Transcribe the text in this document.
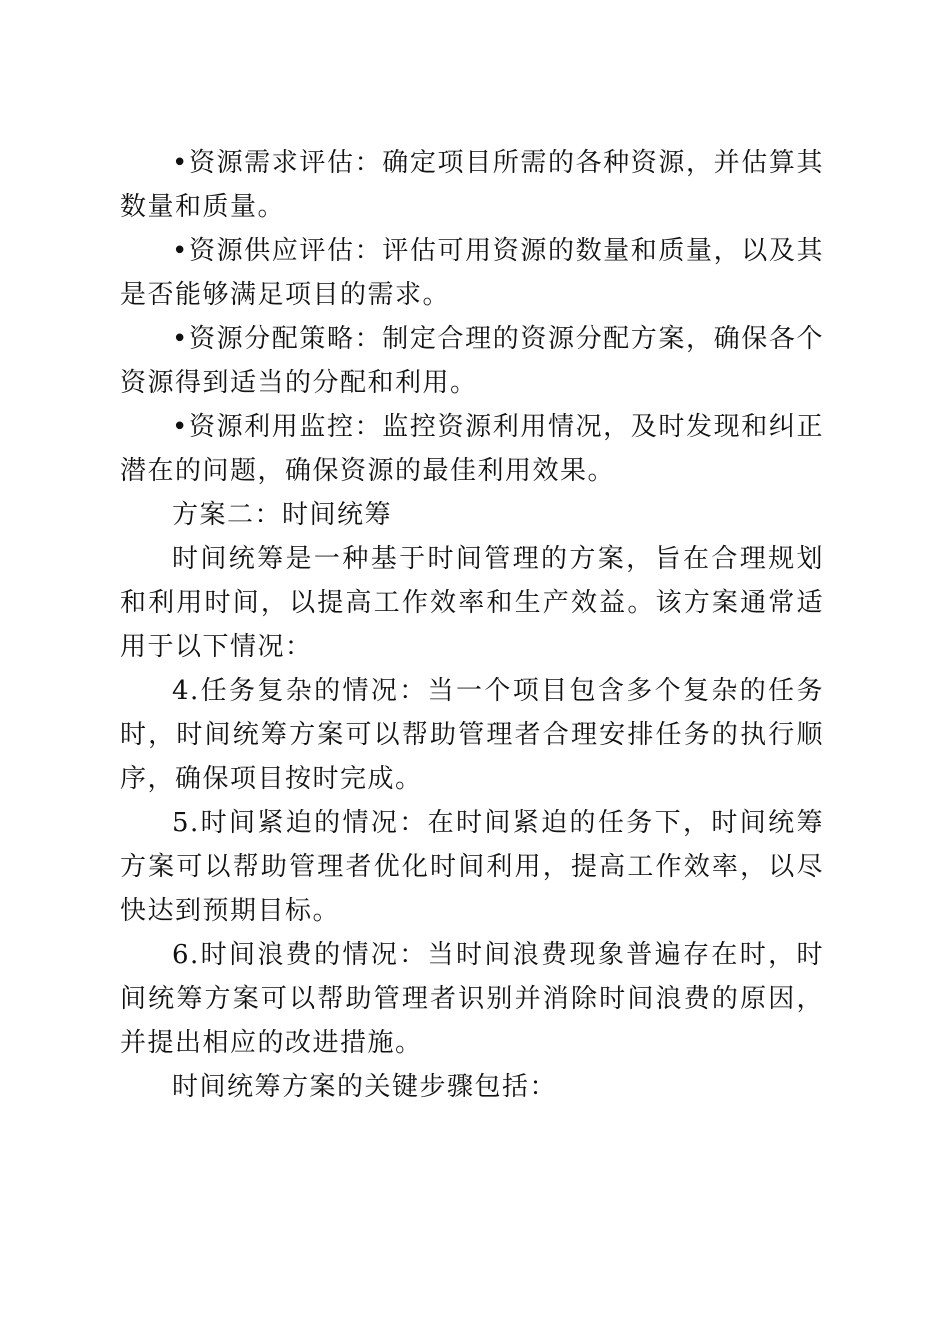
•资源需求评估：确定项目所需的各种资源，并估算其数量和质量。

•资源供应评估：评估可用资源的数量和质量，以及其是否能够满足项目的需求。

•资源分配策略：制定合理的资源分配方案，确保各个资源得到适当的分配和利用。

•资源利用监控：监控资源利用情况，及时发现和纠正潜在的问题，确保资源的最佳利用效果。

方案二：时间统筹

时间统筹是一种基于时间管理的方案，旨在合理规划和利用时间，以提高工作效率和生产效益。该方案通常适用于以下情况：

4.任务复杂的情况：当一个项目包含多个复杂的任务时，时间统筹方案可以帮助管理者合理安排任务的执行顺序，确保项目按时完成。

5.时间紧迫的情况：在时间紧迫的任务下，时间统筹方案可以帮助管理者优化时间利用，提高工作效率，以尽快达到预期目标。

6.时间浪费的情况：当时间浪费现象普遍存在时，时间统筹方案可以帮助管理者识别并消除时间浪费的原因，并提出相应的改进措施。

时间统筹方案的关键步骤包括：
